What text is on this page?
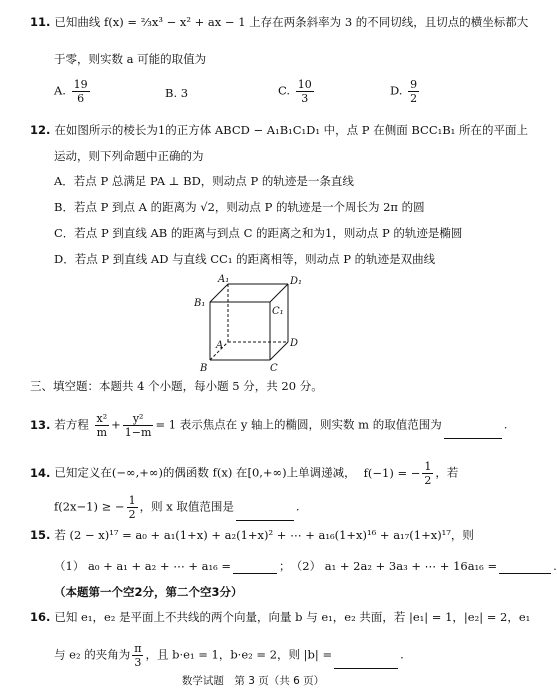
11. 已知曲线 f(x) = ⅔x³ − x² + ax − 1 上存在两条斜率为 3 的不同切线，且切点的横坐标都大
于零，则实数 a 可能的取值为
A. $\frac{19}{6}$	B. 3	C. $\frac{10}{3}$	D. $\frac{9}{2}$
12. 在如图所示的棱长为1的正方体 ABCD − A₁B₁C₁D₁ 中，点 P 在侧面 BCC₁B₁ 所在的平面上
运动，则下列命题中正确的为
A．若点 P 总满足 PA ⊥ BD，则动点 P 的轨迹是一条直线
B．若点 P 到点 A 的距离为 √2，则动点 P 的轨迹是一个周长为 2π 的圆
C．若点 P 到直线 AB 的距离与到点 C 的距离之和为1，则动点 P 的轨迹是椭圆
D．若点 P 到直线 AD 与直线 CC₁ 的距离相等，则动点 P 的轨迹是双曲线
A₁	D₁
B₁
C₁
A	D
B	C
三、填空题：本题共 4 个小题，每小题 5 分，共 20 分。
13. 若方程 $\frac{\text{x²}}{m} + \frac{\text{y²}}{1-m} = 1$ 表示焦点在 y 轴上的椭圆，则实数 m 的取值范围为	.
14. 已知定义在(−∞,+∞)的偶函数 f(x) 在[0,+∞)上单调递减， f(−1) = − $\frac{1}{2}$ ，若
f(2x−1) ≥ − $\frac{1}{2}$ ，则 x 取值范围是	.
15. 若 (2 − x)¹⁷ = a₀ + a₁(1+x) + a₂(1+x)² + ⋯ + a₁₆(1+x)¹⁶ + a₁₇(1+x)¹⁷，则
（1） a₀ + a₁ + a₂ + ⋯ + a₁₆ =	； （2） a₁ + 2a₂ + 3a₃ + ⋯ + 16a₁₆ =	.
（本题第一个空2分，第二个空3分）
16. 已知 e₁，e₂ 是平面上不共线的两个向量，向量 b 与 e₁，e₂ 共面，若 |e₁| = 1，|e₂| = 2，e₁
与 e₂ 的夹角为 $\frac{\pi}{3}$ ，且 b·e₁ = 1，b·e₂ = 2，则 |b| =	.
数学试题　第 3 页（共 6 页）
